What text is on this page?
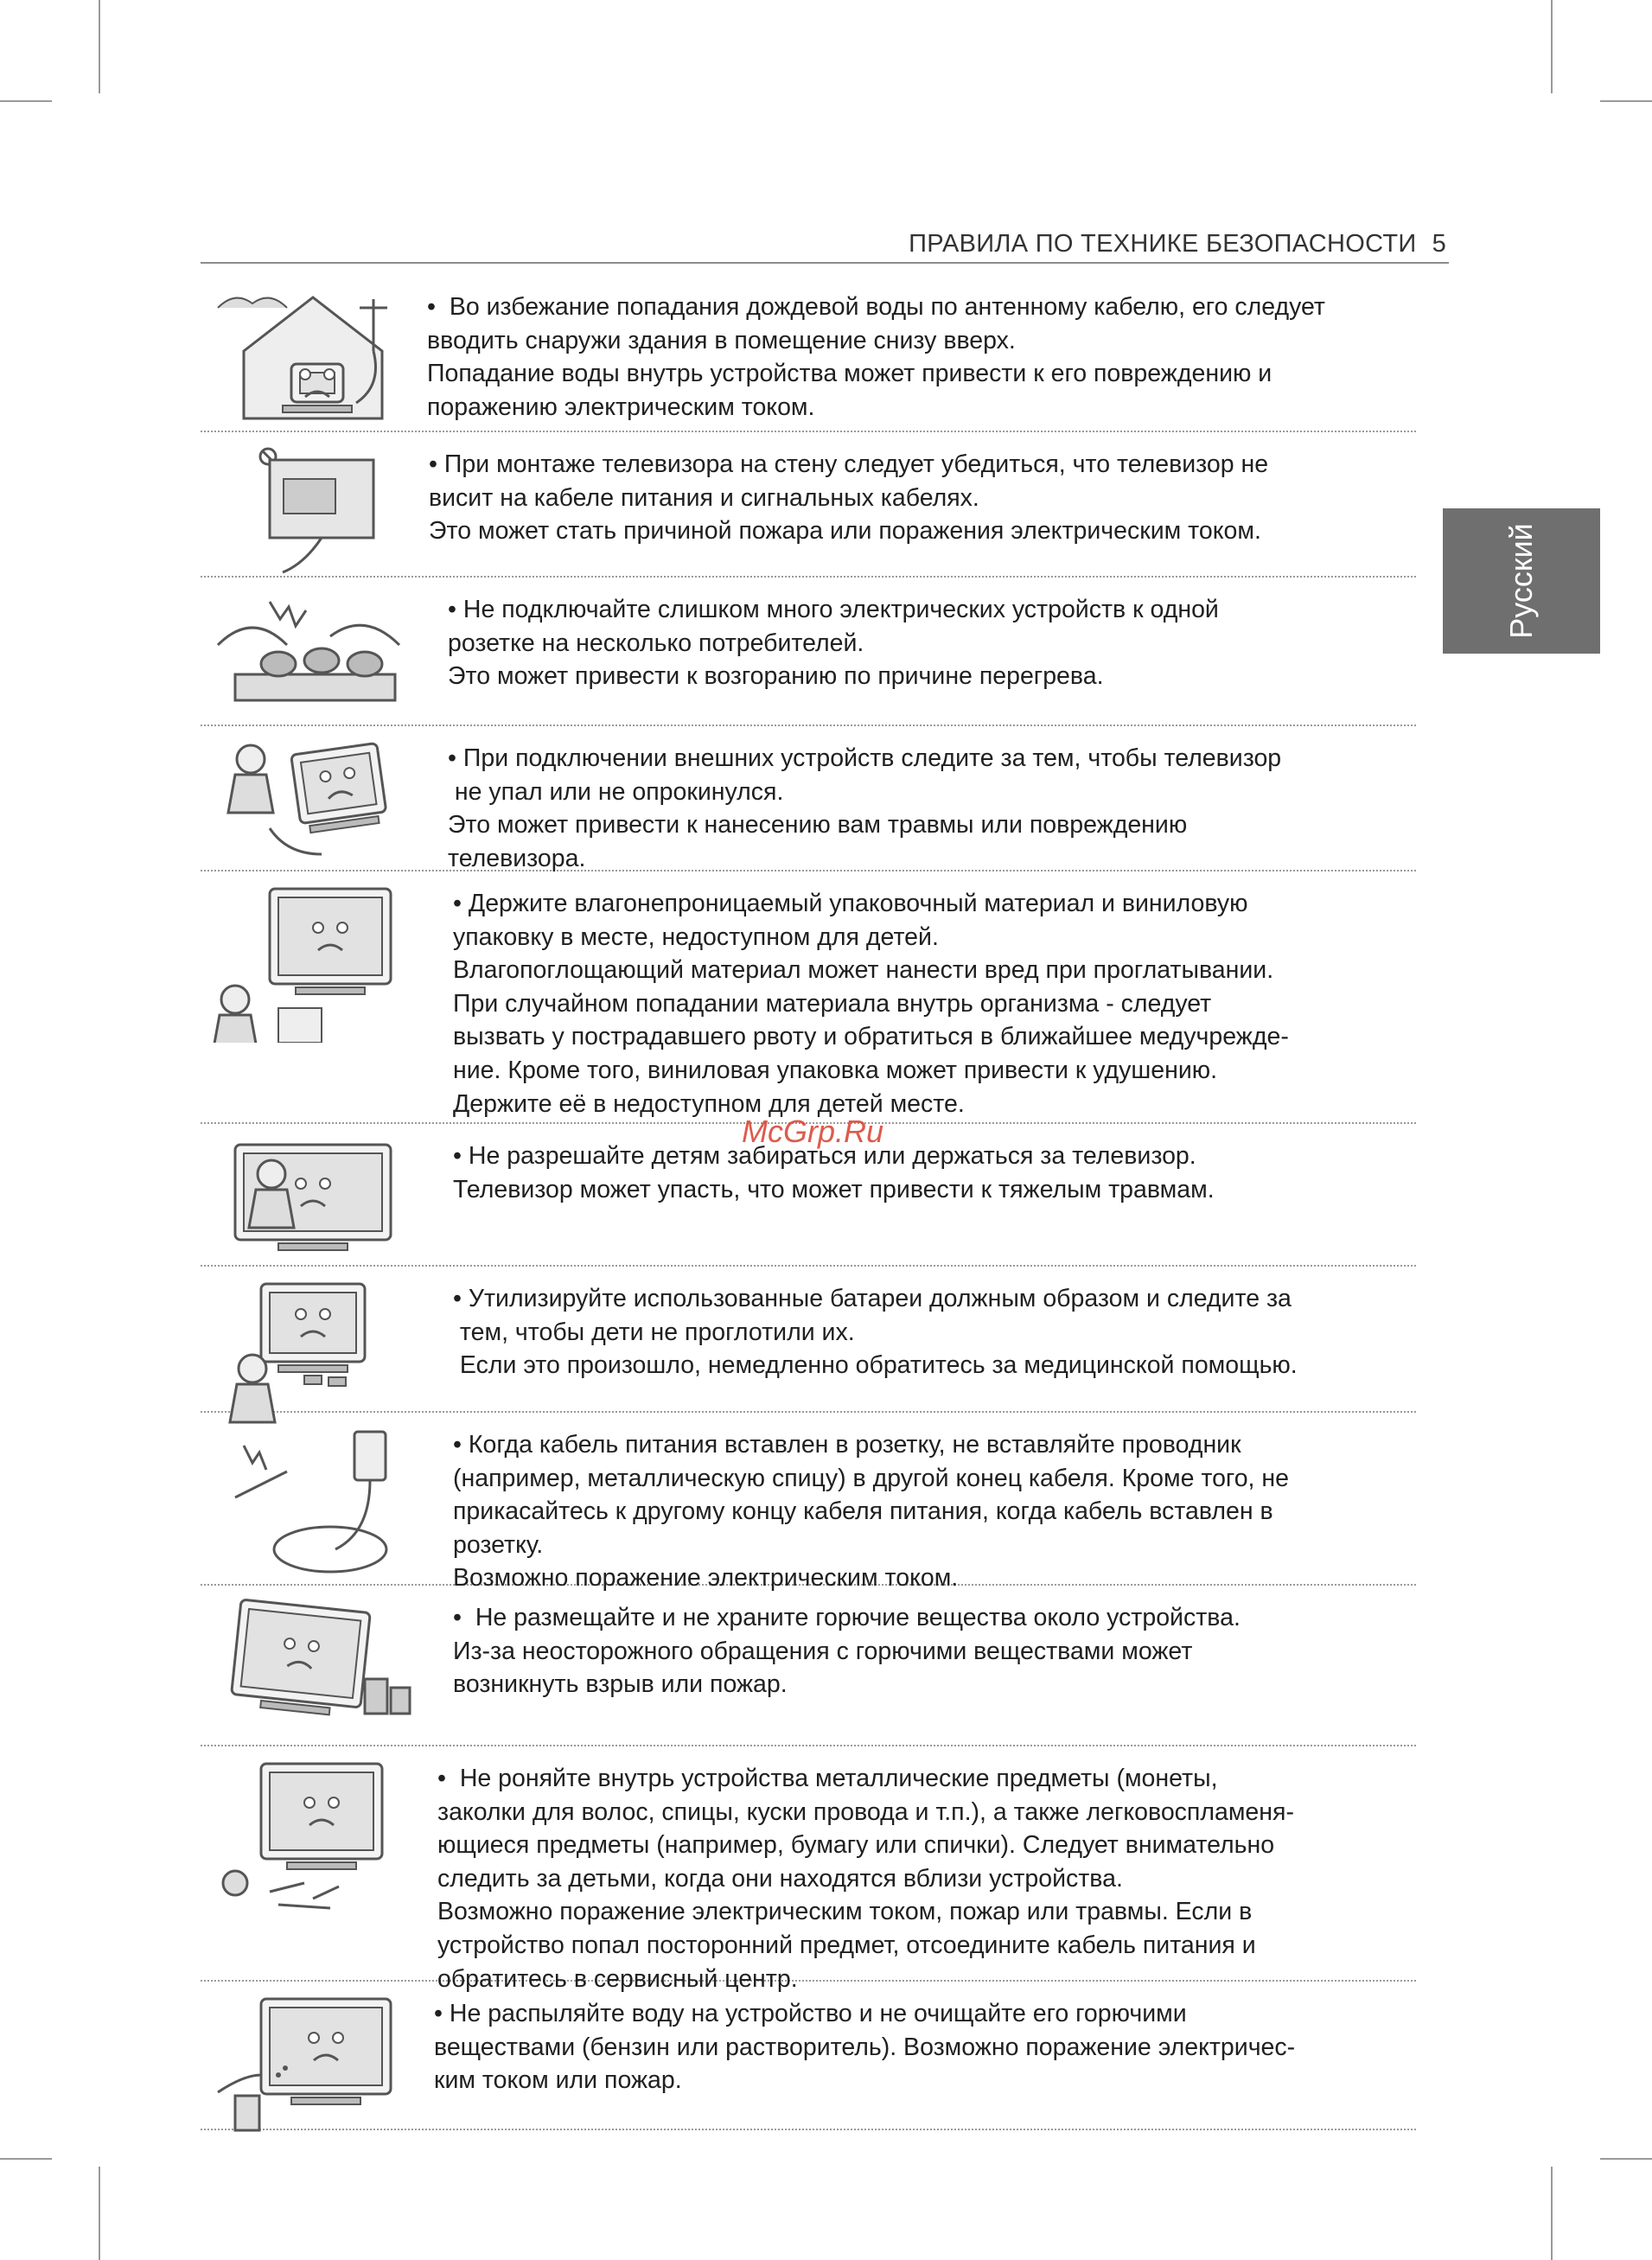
ПРАВИЛА ПО ТЕХНИКЕ БЕЗОПАСНОСТИ 5
Русский

•  Во избежание попадания дождевой воды по антенному кабелю, его следует

вводить снаружи здания в помещение снизу вверх.

Попадание воды внутрь устройства может привести к его повреждению и

поражению электрическим током.

• При монтаже телевизора на стену следует убедиться, что телевизор не

висит на кабеле питания и сигнальных кабелях.

Это может стать причиной пожара или поражения электрическим током.

• Не подключайте слишком много электрических устройств к одной

розетке на несколько потребителей.

Это может привести к возгоранию по причине перегрева.

• При подключении внешних устройств следите за тем, чтобы телевизор

не упал или не опрокинулся.

Это может привести к нанесению вам травмы или повреждению

телевизора.

• Держите влагонепроницаемый упаковочный материал и виниловую

упаковку в месте, недоступном для детей.

Влагопоглощающий материал может нанести вред при проглатывании.

При случайном попадании материала внутрь организма - следует

вызвать у пострадавшего рвоту и обратиться в ближайшее медучрежде-

ние. Кроме того, виниловая упаковка может привести к удушению.

Держите её в недоступном для детей месте.

• Не разрешайте детям забираться или держаться за телевизор.

Телевизор может упасть, что может привести к тяжелым травмам.

• Утилизируйте использованные батареи должным образом и следите за

тем, чтобы дети не проглотили их.

Если это произошло, немедленно обратитесь за медицинской помощью.

• Когда кабель питания вставлен в розетку, не вставляйте проводник

(например, металлическую спицу) в другой конец кабеля. Кроме того, не

прикасайтесь к другому концу кабеля питания, когда кабель вставлен в

розетку.

Возможно поражение электрическим током.

•  Не размещайте и не храните горючие вещества около устройства.

Из-за неосторожного обращения с горючими веществами может

возникнуть взрыв или пожар.

•  Не роняйте внутрь устройства металлические предметы (монеты,

заколки для волос, спицы, куски провода и т.п.), а также легковоспламеня-

ющиеся предметы (например, бумагу или спички). Следует внимательно

следить за детьми, когда они находятся вблизи устройства.

Возможно поражение электрическим током, пожар или травмы. Если в

устройство попал посторонний предмет, отсоедините кабель питания и

обратитесь в сервисный центр.

• Не распыляйте воду на устройство и не очищайте его горючими

веществами (бензин или растворитель). Возможно поражение электричес-

ким током или пожар.

McGrp.Ru
